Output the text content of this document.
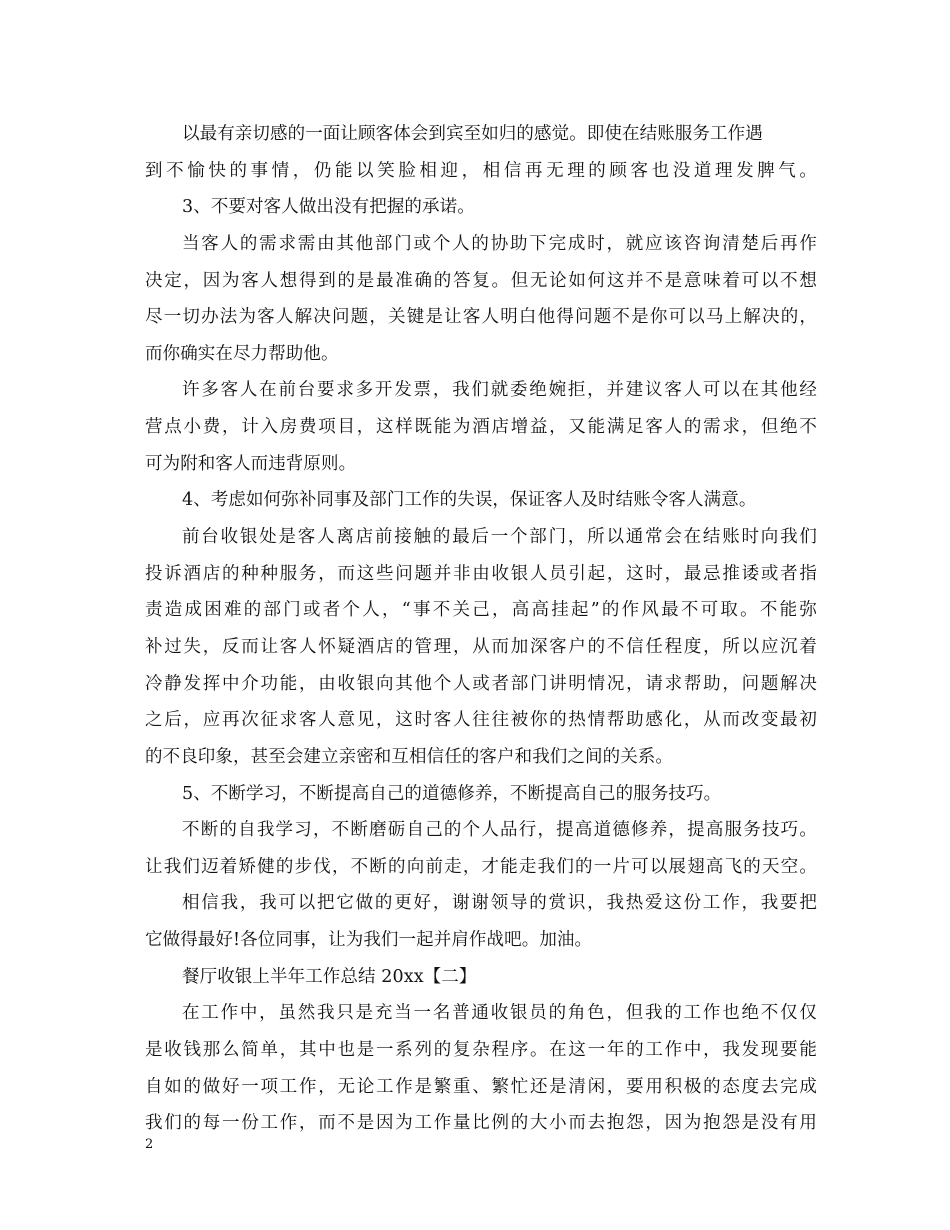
以最有亲切感的一面让顾客体会到宾至如归的感觉。即使在结账服务工作遇
到不愉快的事情，仍能以笑脸相迎，相信再无理的顾客也没道理发脾气。
3、不要对客人做出没有把握的承诺。
当客人的需求需由其他部门或个人的协助下完成时，就应该咨询清楚后再作
决定，因为客人想得到的是最准确的答复。但无论如何这并不是意味着可以不想
尽一切办法为客人解决问题，关键是让客人明白他得问题不是你可以马上解决的，
而你确实在尽力帮助他。
许多客人在前台要求多开发票，我们就委绝婉拒，并建议客人可以在其他经
营点小费，计入房费项目，这样既能为酒店增益，又能满足客人的需求，但绝不
可为附和客人而违背原则。
4、考虑如何弥补同事及部门工作的失误，保证客人及时结账令客人满意。
前台收银处是客人离店前接触的最后一个部门，所以通常会在结账时向我们
投诉酒店的种种服务，而这些问题并非由收银人员引起，这时，最忌推诿或者指
责造成困难的部门或者个人，“事不关己，高高挂起”的作风最不可取。不能弥
补过失，反而让客人怀疑酒店的管理，从而加深客户的不信任程度，所以应沉着
冷静发挥中介功能，由收银向其他个人或者部门讲明情况，请求帮助，问题解决
之后，应再次征求客人意见，这时客人往往被你的热情帮助感化，从而改变最初
的不良印象，甚至会建立亲密和互相信任的客户和我们之间的关系。
5、不断学习，不断提高自己的道德修养，不断提高自己的服务技巧。
不断的自我学习，不断磨砺自己的个人品行，提高道德修养，提高服务技巧。
让我们迈着矫健的步伐，不断的向前走，才能走我们的一片可以展翅高飞的天空。
相信我，我可以把它做的更好，谢谢领导的赏识，我热爱这份工作，我要把
它做得最好!各位同事，让为我们一起并肩作战吧。加油。
餐厅收银上半年工作总结 20xx【二】
在工作中，虽然我只是充当一名普通收银员的角色，但我的工作也绝不仅仅
是收钱那么简单，其中也是一系列的复杂程序。在这一年的工作中，我发现要能
自如的做好一项工作，无论工作是繁重、繁忙还是清闲，要用积极的态度去完成
我们的每一份工作，而不是因为工作量比例的大小而去抱怨，因为抱怨是没有用
2
